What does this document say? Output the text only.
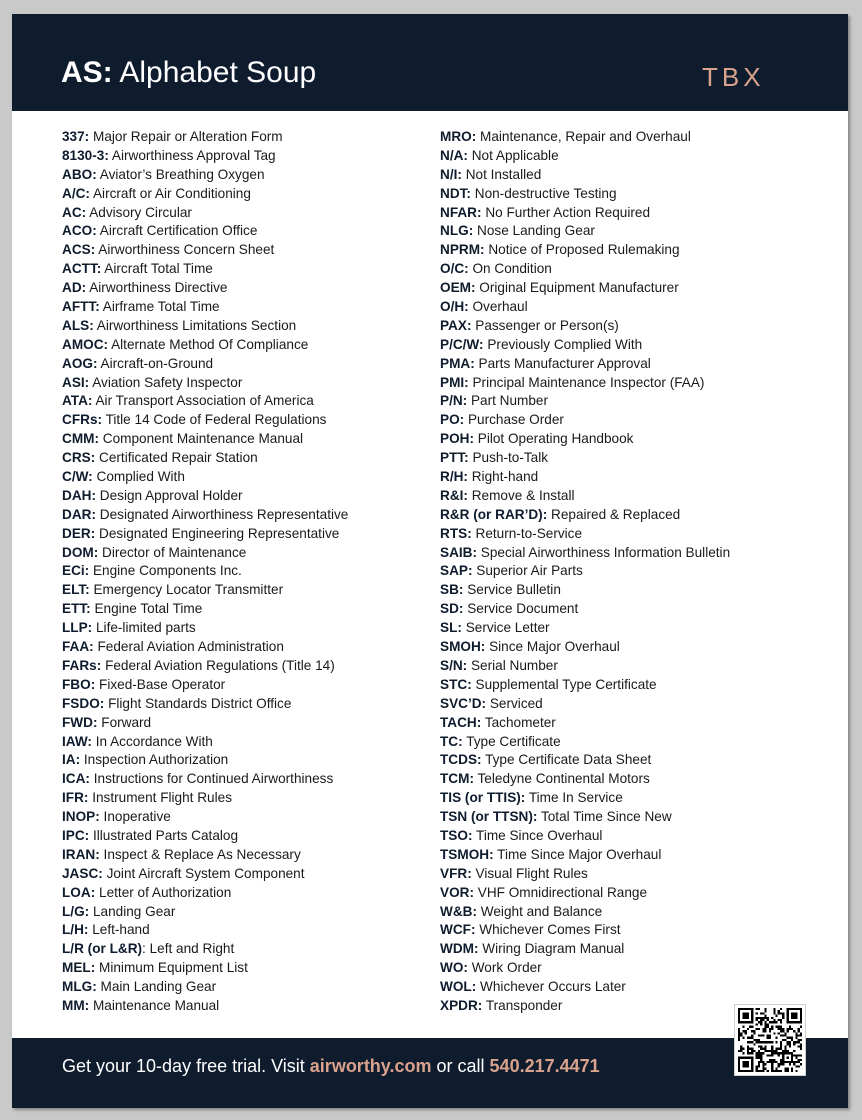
AS: Alphabet Soup	TBX
337: Major Repair or Alteration Form
8130-3: Airworthiness Approval Tag
ABO: Aviator’s Breathing Oxygen
A/C: Aircraft or Air Conditioning
AC: Advisory Circular
ACO: Aircraft Certification Office
ACS: Airworthiness Concern Sheet
ACTT: Aircraft Total Time
AD: Airworthiness Directive
AFTT: Airframe Total Time
ALS: Airworthiness Limitations Section
AMOC: Alternate Method Of Compliance
AOG: Aircraft-on-Ground
ASI: Aviation Safety Inspector
ATA: Air Transport Association of America
CFRs: Title 14 Code of Federal Regulations
CMM: Component Maintenance Manual
CRS: Certificated Repair Station
C/W: Complied With
DAH: Design Approval Holder
DAR: Designated Airworthiness Representative
DER: Designated Engineering Representative
DOM: Director of Maintenance
ECi: Engine Components Inc.
ELT: Emergency Locator Transmitter
ETT: Engine Total Time
LLP: Life-limited parts
FAA: Federal Aviation Administration
FARs: Federal Aviation Regulations (Title 14)
FBO: Fixed-Base Operator
FSDO: Flight Standards District Office
FWD: Forward
IAW: In Accordance With
IA: Inspection Authorization
ICA: Instructions for Continued Airworthiness
IFR: Instrument Flight Rules
INOP: Inoperative
IPC: Illustrated Parts Catalog
IRAN: Inspect & Replace As Necessary
JASC: Joint Aircraft System Component
LOA: Letter of Authorization
L/G: Landing Gear
L/H: Left-hand
L/R (or L&R): Left and Right
MEL: Minimum Equipment List
MLG: Main Landing Gear
MM: Maintenance Manual
MRO: Maintenance, Repair and Overhaul
N/A: Not Applicable
N/I: Not Installed
NDT: Non-destructive Testing
NFAR: No Further Action Required
NLG: Nose Landing Gear
NPRM: Notice of Proposed Rulemaking
O/C: On Condition
OEM: Original Equipment Manufacturer
O/H: Overhaul
PAX: Passenger or Person(s)
P/C/W: Previously Complied With
PMA: Parts Manufacturer Approval
PMI: Principal Maintenance Inspector (FAA)
P/N: Part Number
PO: Purchase Order
POH: Pilot Operating Handbook
PTT: Push-to-Talk
R/H: Right-hand
R&I: Remove & Install
R&R (or RAR’D): Repaired & Replaced
RTS: Return-to-Service
SAIB: Special Airworthiness Information Bulletin
SAP: Superior Air Parts
SB: Service Bulletin
SD: Service Document
SL: Service Letter
SMOH: Since Major Overhaul
S/N: Serial Number
STC: Supplemental Type Certificate
SVC’D: Serviced
TACH: Tachometer
TC: Type Certificate
TCDS: Type Certificate Data Sheet
TCM: Teledyne Continental Motors
TIS (or TTIS): Time In Service
TSN (or TTSN): Total Time Since New
TSO: Time Since Overhaul
TSMOH: Time Since Major Overhaul
VFR: Visual Flight Rules
VOR: VHF Omnidirectional Range
W&B: Weight and Balance
WCF: Whichever Comes First
WDM: Wiring Diagram Manual
WO: Work Order
WOL: Whichever Occurs Later
XPDR: Transponder
Get your 10-day free trial. Visit airworthy.com or call 540.217.4471
